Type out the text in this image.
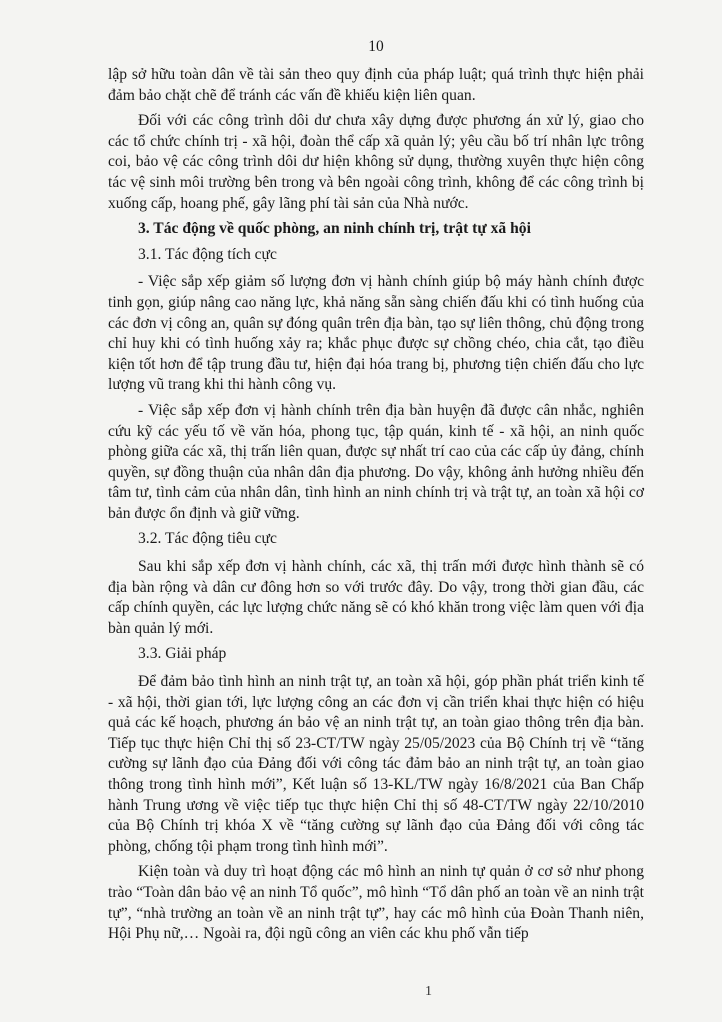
10

lập sở hữu toàn dân về tài sản theo quy định của pháp luật; quá trình thực hiện phải đảm bảo chặt chẽ để tránh các vấn đề khiếu kiện liên quan.

Đối với các công trình dôi dư chưa xây dựng được phương án xử lý, giao cho các tổ chức chính trị - xã hội, đoàn thể cấp xã quản lý; yêu cầu bố trí nhân lực trông coi, bảo vệ các công trình dôi dư hiện không sử dụng, thường xuyên thực hiện công tác vệ sinh môi trường bên trong và bên ngoài công trình, không để các công trình bị xuống cấp, hoang phế, gây lãng phí tài sản của Nhà nước.

3. Tác động về quốc phòng, an ninh chính trị, trật tự xã hội

3.1. Tác động tích cực

- Việc sắp xếp giảm số lượng đơn vị hành chính giúp bộ máy hành chính được tinh gọn, giúp nâng cao năng lực, khả năng sẵn sàng chiến đấu khi có tình huống của các đơn vị công an, quân sự đóng quân trên địa bàn, tạo sự liên thông, chủ động trong chỉ huy khi có tình huống xảy ra; khắc phục được sự chồng chéo, chia cắt, tạo điều kiện tốt hơn để tập trung đầu tư, hiện đại hóa trang bị, phương tiện chiến đấu cho lực lượng vũ trang khi thi hành công vụ.

- Việc sắp xếp đơn vị hành chính trên địa bàn huyện đã được cân nhắc, nghiên cứu kỹ các yếu tố về văn hóa, phong tục, tập quán, kinh tế - xã hội, an ninh quốc phòng giữa các xã, thị trấn liên quan, được sự nhất trí cao của các cấp ủy đảng, chính quyền, sự đồng thuận của nhân dân địa phương. Do vậy, không ảnh hưởng nhiều đến tâm tư, tình cảm của nhân dân, tình hình an ninh chính trị và trật tự, an toàn xã hội cơ bản được ổn định và giữ vững.

3.2. Tác động tiêu cực

Sau khi sắp xếp đơn vị hành chính, các xã, thị trấn mới được hình thành sẽ có địa bàn rộng và dân cư đông hơn so với trước đây. Do vậy, trong thời gian đầu, các cấp chính quyền, các lực lượng chức năng sẽ có khó khăn trong việc làm quen với địa bàn quản lý mới.

3.3. Giải pháp

Để đảm bảo tình hình an ninh trật tự, an toàn xã hội, góp phần phát triển kinh tế - xã hội, thời gian tới, lực lượng công an các đơn vị cần triển khai thực hiện có hiệu quả các kế hoạch, phương án bảo vệ an ninh trật tự, an toàn giao thông trên địa bàn. Tiếp tục thực hiện Chỉ thị số 23-CT/TW ngày 25/05/2023 của Bộ Chính trị về “tăng cường sự lãnh đạo của Đảng đối với công tác đảm bảo an ninh trật tự, an toàn giao thông trong tình hình mới”, Kết luận số 13-KL/TW ngày 16/8/2021 của Ban Chấp hành Trung ương về việc tiếp tục thực hiện Chỉ thị số 48-CT/TW ngày 22/10/2010 của Bộ Chính trị khóa X về “tăng cường sự lãnh đạo của Đảng đối với công tác phòng, chống tội phạm trong tình hình mới”.

Kiện toàn và duy trì hoạt động các mô hình an ninh tự quản ở cơ sở như phong trào “Toàn dân bảo vệ an ninh Tổ quốc”, mô hình “Tổ dân phố an toàn về an ninh trật tự”, “nhà trường an toàn về an ninh trật tự”, hay các mô hình của Đoàn Thanh niên, Hội Phụ nữ,… Ngoài ra, đội ngũ công an viên các khu phố vẫn tiếp

1
